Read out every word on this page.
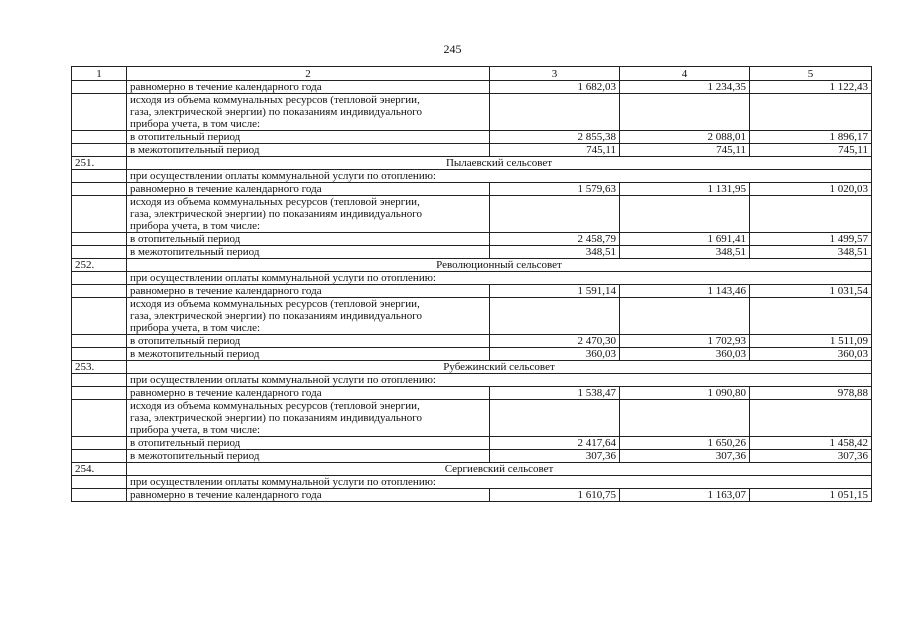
245
1	2	3	4	5
	равномерно в течение календарного года	1 682,03	1 234,35	1 122,43

	исходя из объема коммунальных ресурсов (тепловой энергии,
газа, электрической энергии) по показаниям индивидуального
прибора учета, в том числе:			

	в отопительный период	2 855,38	2 088,01	1 896,17
	в межотопительный период	745,11	745,11	745,11
251.	Пылаевский сельсовет			
	при осуществлении оплаты коммунальной услуги по отоплению:			
	равномерно в течение календарного года	1 579,63	1 131,95	1 020,03

	исходя из объема коммунальных ресурсов (тепловой энергии,
газа, электрической энергии) по показаниям индивидуального
прибора учета, в том числе:			

	в отопительный период	2 458,79	1 691,41	1 499,57
	в межотопительный период	348,51	348,51	348,51
252.	Революционный сельсовет			
	при осуществлении оплаты коммунальной услуги по отоплению:			
	равномерно в течение календарного года	1 591,14	1 143,46	1 031,54

	исходя из объема коммунальных ресурсов (тепловой энергии,
газа, электрической энергии) по показаниям индивидуального
прибора учета, в том числе:			

	в отопительный период	2 470,30	1 702,93	1 511,09
	в межотопительный период	360,03	360,03	360,03
253.	Рубежинский сельсовет			
	при осуществлении оплаты коммунальной услуги по отоплению:			
	равномерно в течение календарного года	1 538,47	1 090,80	978,88

	исходя из объема коммунальных ресурсов (тепловой энергии,
газа, электрической энергии) по показаниям индивидуального
прибора учета, в том числе:			

	в отопительный период	2 417,64	1 650,26	1 458,42
	в межотопительный период	307,36	307,36	307,36
254.	Сергиевский сельсовет			
	при осуществлении оплаты коммунальной услуги по отоплению:			
	равномерно в течение календарного года	1 610,75	1 163,07	1 051,15
